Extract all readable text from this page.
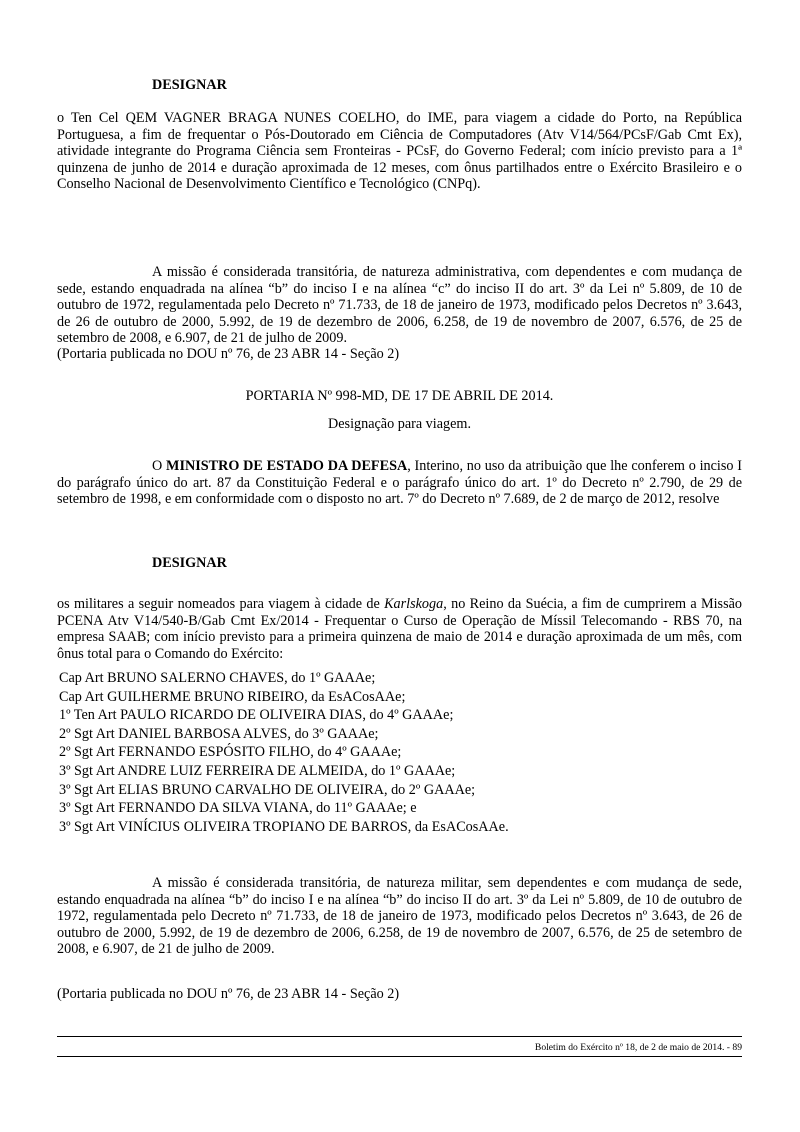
DESIGNAR

o Ten Cel QEM VAGNER BRAGA NUNES COELHO, do IME, para viagem a cidade do Porto, na República Portuguesa, a fim de frequentar o Pós-Doutorado em Ciência de Computadores (Atv V14/564/PCsF/Gab Cmt Ex), atividade integrante do Programa Ciência sem Fronteiras - PCsF, do Governo Federal; com início previsto para a 1ª quinzena de junho de 2014 e duração aproximada de 12 meses, com ônus partilhados entre o Exército Brasileiro e o Conselho Nacional de Desenvolvimento Científico e Tecnológico (CNPq).

A missão é considerada transitória, de natureza administrativa, com dependentes e com mudança de sede, estando enquadrada na alínea “b” do inciso I e na alínea “c” do inciso II do art. 3º da Lei nº 5.809, de 10 de outubro de 1972, regulamentada pelo Decreto nº 71.733, de 18 de janeiro de 1973, modificado pelos Decretos nº 3.643, de 26 de outubro de 2000, 5.992, de 19 de dezembro de 2006, 6.258, de 19 de novembro de 2007, 6.576, de 25 de setembro de 2008, e 6.907, de 21 de julho de 2009.

(Portaria publicada no DOU nº 76, de 23 ABR 14 - Seção 2)

PORTARIA Nº 998-MD, DE 17 DE ABRIL DE 2014.

Designação para viagem.

O MINISTRO DE ESTADO DA DEFESA, Interino, no uso da atribuição que lhe conferem o inciso I do parágrafo único do art. 87 da Constituição Federal e o parágrafo único do art. 1º do Decreto nº 2.790, de 29 de setembro de 1998, e em conformidade com o disposto no art. 7º do Decreto nº 7.689, de 2 de março de 2012, resolve

DESIGNAR

os militares a seguir nomeados para viagem à cidade de Karlskoga, no Reino da Suécia, a fim de cumprirem a Missão PCENA Atv V14/540-B/Gab Cmt Ex/2014 - Frequentar o Curso de Operação de Míssil Telecomando - RBS 70, na empresa SAAB; com início previsto para a primeira quinzena de maio de 2014 e duração aproximada de um mês, com ônus total para o Comando do Exército:

Cap Art BRUNO SALERNO CHAVES, do 1º GAAAe;
Cap Art GUILHERME BRUNO RIBEIRO, da EsACosAAe;
1º Ten Art PAULO RICARDO DE OLIVEIRA DIAS, do 4º GAAAe;
2º Sgt Art DANIEL BARBOSA ALVES, do 3º GAAAe;
2º Sgt Art FERNANDO ESPÓSITO FILHO, do 4º GAAAe;
3º Sgt Art ANDRE LUIZ FERREIRA DE ALMEIDA, do 1º GAAAe;
3º Sgt Art ELIAS BRUNO CARVALHO DE OLIVEIRA, do 2º GAAAe;
3º Sgt Art FERNANDO DA SILVA VIANA, do 11º GAAAe; e
3º Sgt Art VINÍCIUS OLIVEIRA TROPIANO DE BARROS, da EsACosAAe.

A missão é considerada transitória, de natureza militar, sem dependentes e com mudança de sede, estando enquadrada na alínea “b” do inciso I e na alínea “b” do inciso II do art. 3º da Lei nº 5.809, de 10 de outubro de 1972, regulamentada pelo Decreto nº 71.733, de 18 de janeiro de 1973, modificado pelos Decretos nº 3.643, de 26 de outubro de 2000, 5.992, de 19 de dezembro de 2006, 6.258, de 19 de novembro de 2007, 6.576, de 25 de setembro de 2008, e 6.907, de 21 de julho de 2009.

(Portaria publicada no DOU nº 76, de 23 ABR 14 - Seção 2)

Boletim do Exército nº 18, de 2 de maio de 2014. - 89
